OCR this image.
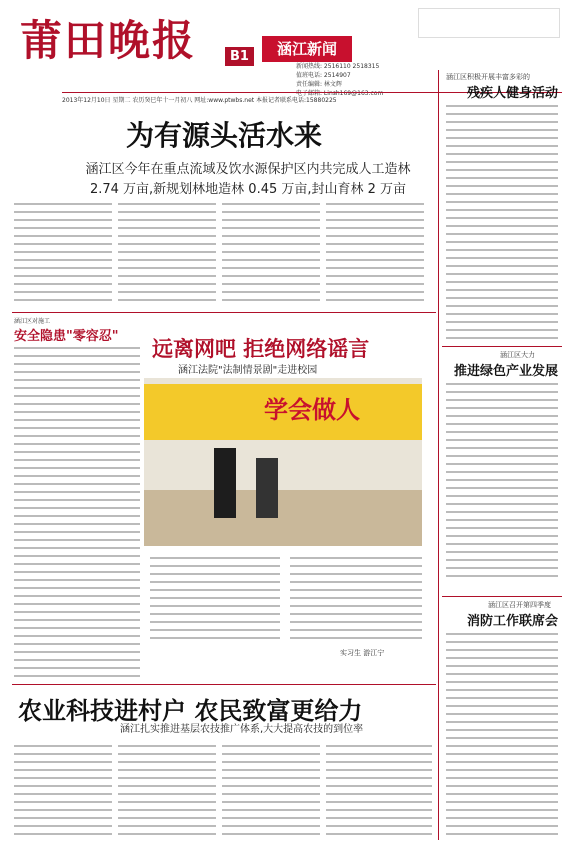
莆田晚报	B1	涵江新闻
新闻热线: 2516110 2518315
值班电话: 2514907
责任编辑: 林文辉
电子邮箱: Linsh169@163.com
2013年12月10日 星期二 农历癸巳年十一月初八 网址:www.ptwbs.net 本报记者联系电话:15880225
为有源头活水来
涵江区今年在重点流域及饮水源保护区内共完成人工造林
2.74 万亩,新规划林地造林 0.45 万亩,封山育林 2 万亩
涵江区积极开展丰富多彩的
残疾人健身活动
涵江区大力
推进绿色产业发展
涵江区召开第四季度
消防工作联席会
涵江区对施工
安全隐患"零容忍"
远离网吧 拒绝网络谣言
涵江法院"法制情景剧"走进校园
学会做人
实习生 游江宁
农业科技进村户 农民致富更给力
涵江扎实推进基层农技推广体系,大大提高农技的到位率
